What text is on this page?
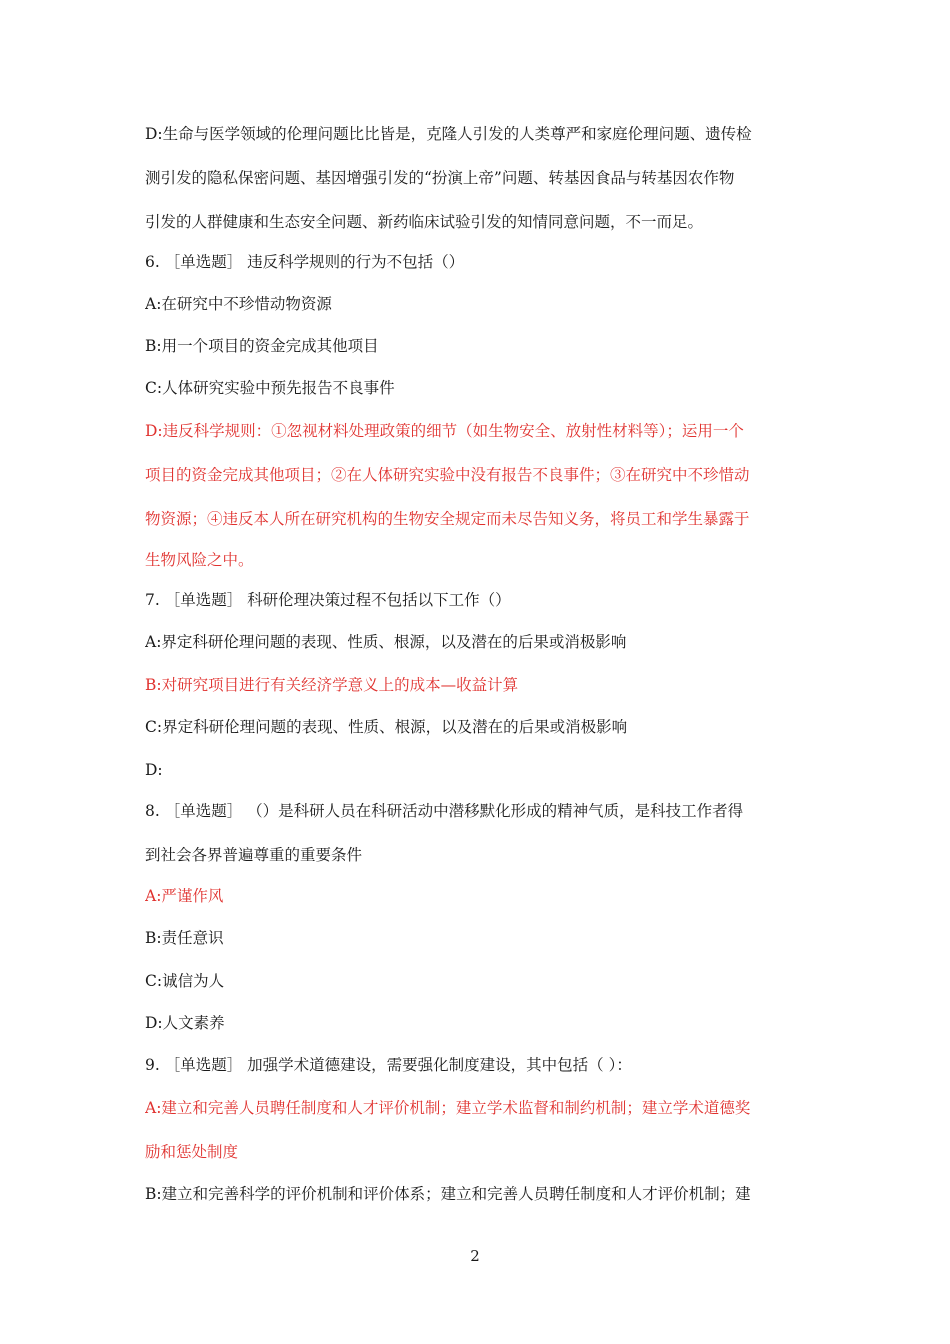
D:生命与医学领域的伦理问题比比皆是，克隆人引发的人类尊严和家庭伦理问题、遗传检
测引发的隐私保密问题、基因增强引发的“扮演上帝”问题、转基因食品与转基因农作物
引发的人群健康和生态安全问题、新药临床试验引发的知情同意问题，不一而足。
6. ［单选题］ 违反科学规则的行为不包括（）
A:在研究中不珍惜动物资源
B:用一个项目的资金完成其他项目
C:人体研究实验中预先报告不良事件
D:违反科学规则：①忽视材料处理政策的细节（如生物安全、放射性材料等）；运用一个
项目的资金完成其他项目；②在人体研究实验中没有报告不良事件；③在研究中不珍惜动
物资源；④违反本人所在研究机构的生物安全规定而未尽告知义务，将员工和学生暴露于
生物风险之中。
7. ［单选题］ 科研伦理决策过程不包括以下工作（）
A:界定科研伦理问题的表现、性质、根源，以及潜在的后果或消极影响
B:对研究项目进行有关经济学意义上的成本—收益计算
C:界定科研伦理问题的表现、性质、根源，以及潜在的后果或消极影响
D:
8. ［单选题］ （）是科研人员在科研活动中潜移默化形成的精神气质，是科技工作者得
到社会各界普遍尊重的重要条件
A:严谨作风
B:责任意识
C:诚信为人
D:人文素养
9. ［单选题］ 加强学术道德建设，需要强化制度建设，其中包括（ ）：
A:建立和完善人员聘任制度和人才评价机制；建立学术监督和制约机制；建立学术道德奖
励和惩处制度
B:建立和完善科学的评价机制和评价体系；建立和完善人员聘任制度和人才评价机制；建
2
